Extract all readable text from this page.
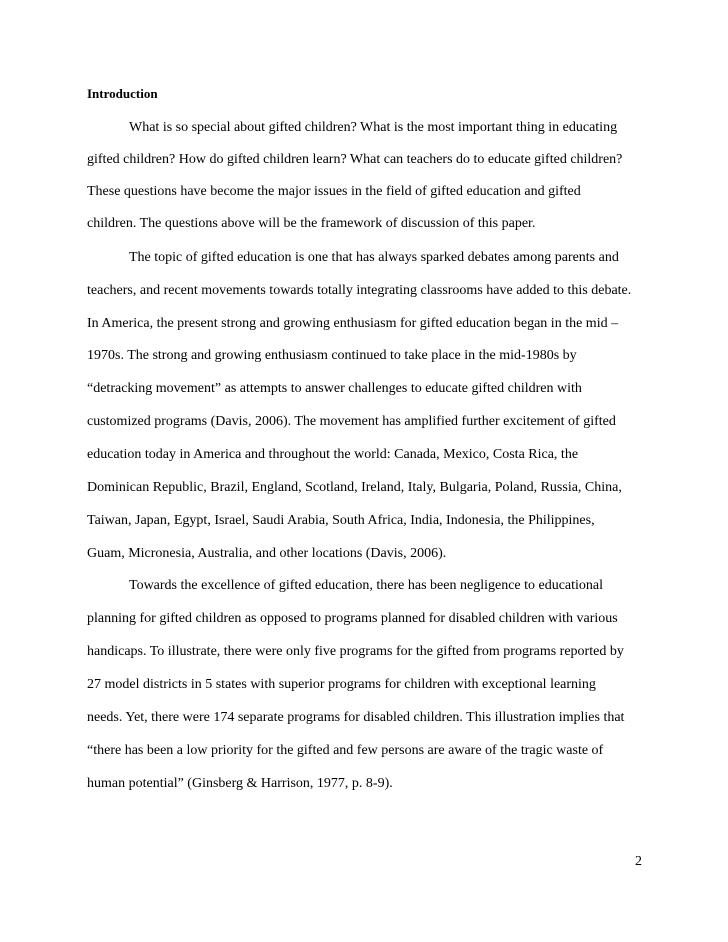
Introduction
What is so special about gifted children? What is the most important thing in educating
gifted children? How do gifted children learn? What can teachers do to educate gifted children?
These questions have become the major issues in the field of gifted education and gifted
children. The questions above will be the framework of discussion of this paper.
The topic of gifted education is one that has always sparked debates among parents and
teachers, and recent movements towards totally integrating classrooms have added to this debate.
In America, the present strong and growing enthusiasm for gifted education began in the mid –
1970s. The strong and growing enthusiasm continued to take place in the mid-1980s by
“detracking movement” as attempts to answer challenges to educate gifted children with
customized programs (Davis, 2006). The movement has amplified further excitement of gifted
education today in America and throughout the world: Canada, Mexico, Costa Rica, the
Dominican Republic, Brazil, England, Scotland, Ireland, Italy, Bulgaria, Poland, Russia, China,
Taiwan, Japan, Egypt, Israel, Saudi Arabia, South Africa, India, Indonesia, the Philippines,
Guam, Micronesia, Australia, and other locations (Davis, 2006).
Towards the excellence of gifted education, there has been negligence to educational
planning for gifted children as opposed to programs planned for disabled children with various
handicaps. To illustrate, there were only five programs for the gifted from programs reported by
27 model districts in 5 states with superior programs for children with exceptional learning
needs. Yet, there were 174 separate programs for disabled children. This illustration implies that
“there has been a low priority for the gifted and few persons are aware of the tragic waste of
human potential” (Ginsberg & Harrison, 1977, p. 8-9).
2
